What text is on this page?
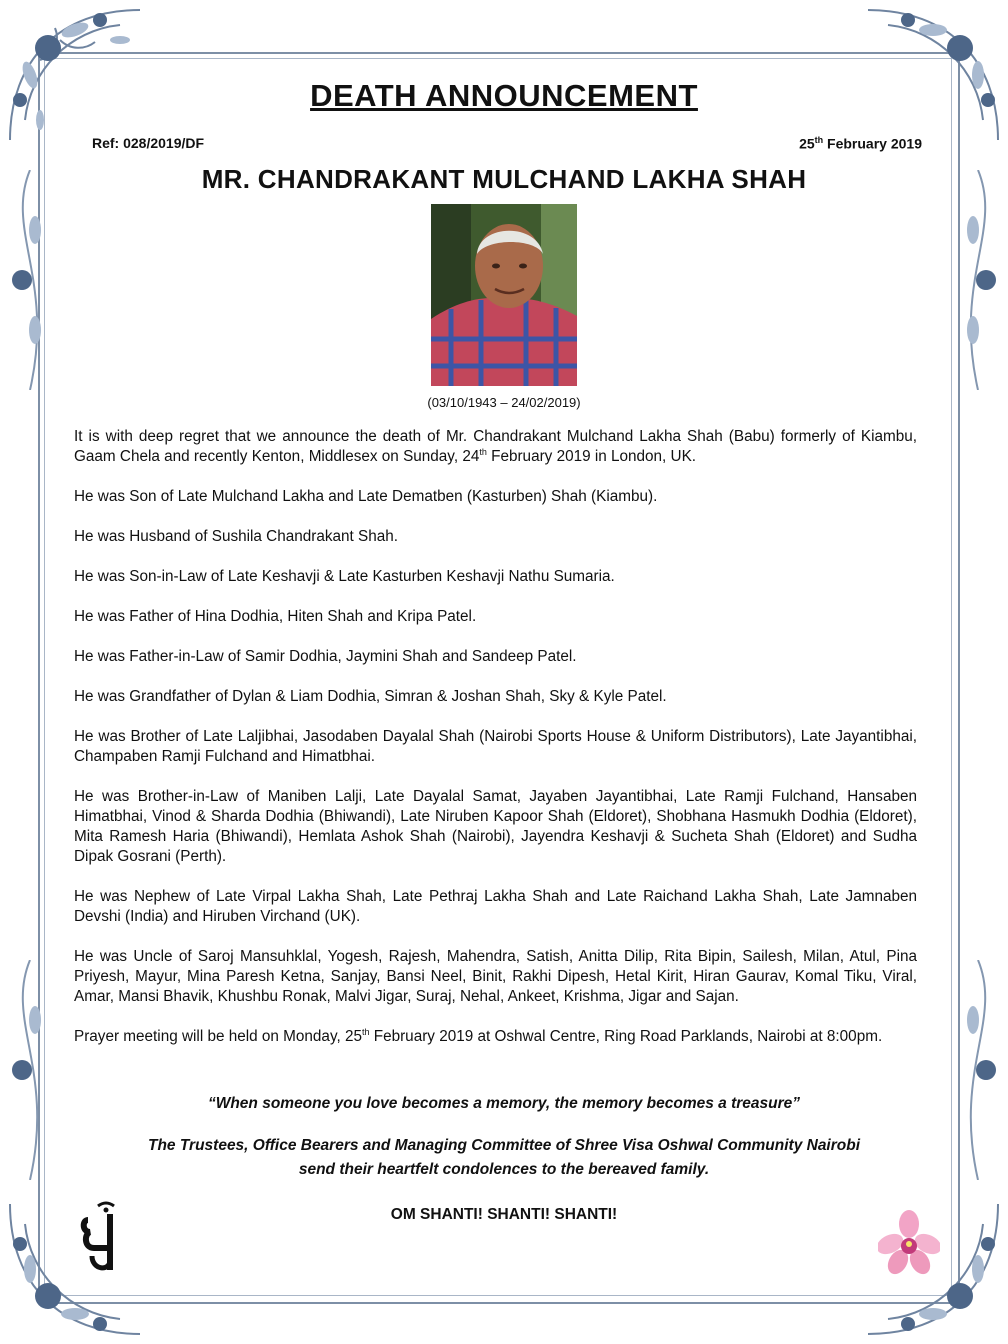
DEATH ANNOUNCEMENT
Ref: 028/2019/DF	25th February 2019
MR. CHANDRAKANT MULCHAND LAKHA SHAH
(03/10/1943 – 24/02/2019)

It is with deep regret that we announce the death of Mr. Chandrakant Mulchand Lakha Shah (Babu) formerly of Kiambu, Gaam Chela and recently Kenton, Middlesex on Sunday, 24th February 2019 in London, UK.

He was Son of Late Mulchand Lakha and Late Dematben (Kasturben) Shah (Kiambu).

He was Husband of Sushila Chandrakant Shah.

He was Son-in-Law of Late Keshavji & Late Kasturben Keshavji Nathu Sumaria.

He was Father of Hina Dodhia, Hiten Shah and Kripa Patel.

He was Father-in-Law of Samir Dodhia, Jaymini Shah and Sandeep Patel.

He was Grandfather of Dylan & Liam Dodhia, Simran & Joshan Shah, Sky & Kyle Patel.

He was Brother of Late Laljibhai, Jasodaben Dayalal Shah (Nairobi Sports House & Uniform Distributors), Late Jayantibhai, Champaben Ramji Fulchand and Himatbhai.

He was Brother-in-Law of Maniben Lalji, Late Dayalal Samat, Jayaben Jayantibhai, Late Ramji Fulchand, Hansaben Himatbhai, Vinod & Sharda Dodhia (Bhiwandi), Late Niruben Kapoor Shah (Eldoret), Shobhana Hasmukh Dodhia (Eldoret), Mita Ramesh Haria (Bhiwandi), Hemlata Ashok Shah (Nairobi), Jayendra Keshavji & Sucheta Shah (Eldoret) and Sudha Dipak Gosrani (Perth).

He was Nephew of Late Virpal Lakha Shah, Late Pethraj Lakha Shah and Late Raichand Lakha Shah, Late Jamnaben Devshi (India) and Hiruben Virchand (UK).

He was Uncle of Saroj Mansuhklal, Yogesh, Rajesh, Mahendra, Satish, Anitta Dilip, Rita Bipin, Sailesh, Milan, Atul, Pina Priyesh, Mayur, Mina Paresh Ketna, Sanjay, Bansi Neel, Binit, Rakhi Dipesh, Hetal Kirit, Hiran Gaurav, Komal Tiku, Viral, Amar, Mansi Bhavik, Khushbu Ronak, Malvi Jigar, Suraj, Nehal, Ankeet, Krishma, Jigar and Sajan.

Prayer meeting will be held on Monday, 25th February 2019 at Oshwal Centre, Ring Road Parklands, Nairobi at 8:00pm.

“When someone you love becomes a memory, the memory becomes a treasure”
The Trustees, Office Bearers and Managing Committee of Shree Visa Oshwal Community Nairobi
send their heartfelt condolences to the bereaved family.
OM SHANTI! SHANTI! SHANTI!
